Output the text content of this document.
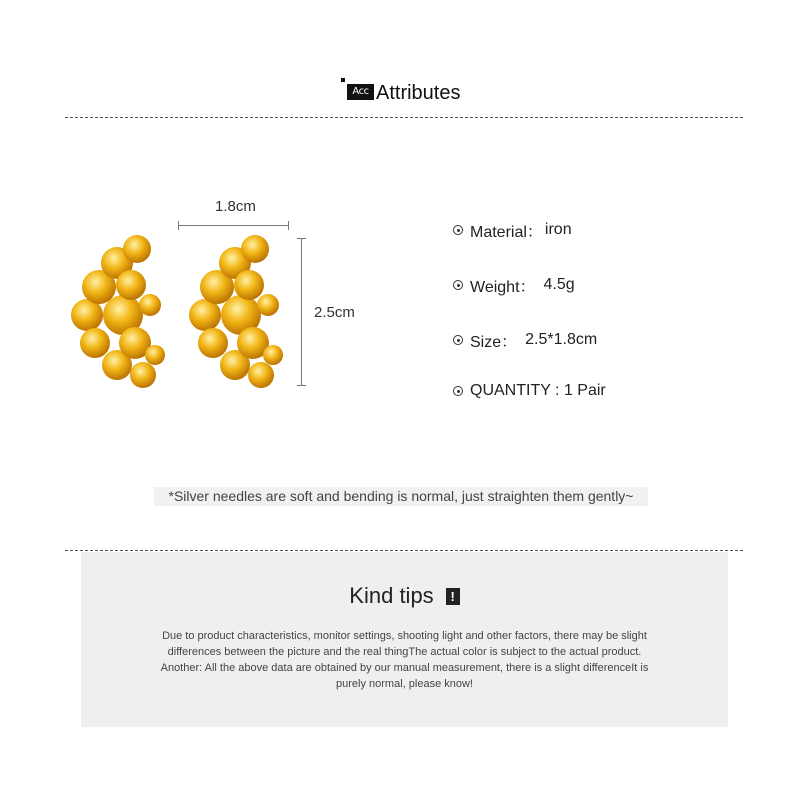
Acc Attributes
1.8cm
2.5cm
Material： iron
Weight： 4.5g
Size： 2.5*1.8cm
QUANTITY : 1 Pair
*Silver needles are soft and bending is normal, just straighten them gently~
Kind tips	!
Due to product characteristics, monitor settings, shooting light and other factors, there may be slight
differences between the picture and the real thingThe actual color is subject to the actual product.
Another: All the above data are obtained by our manual measurement, there is a slight differenceIt is
purely normal, please know!
